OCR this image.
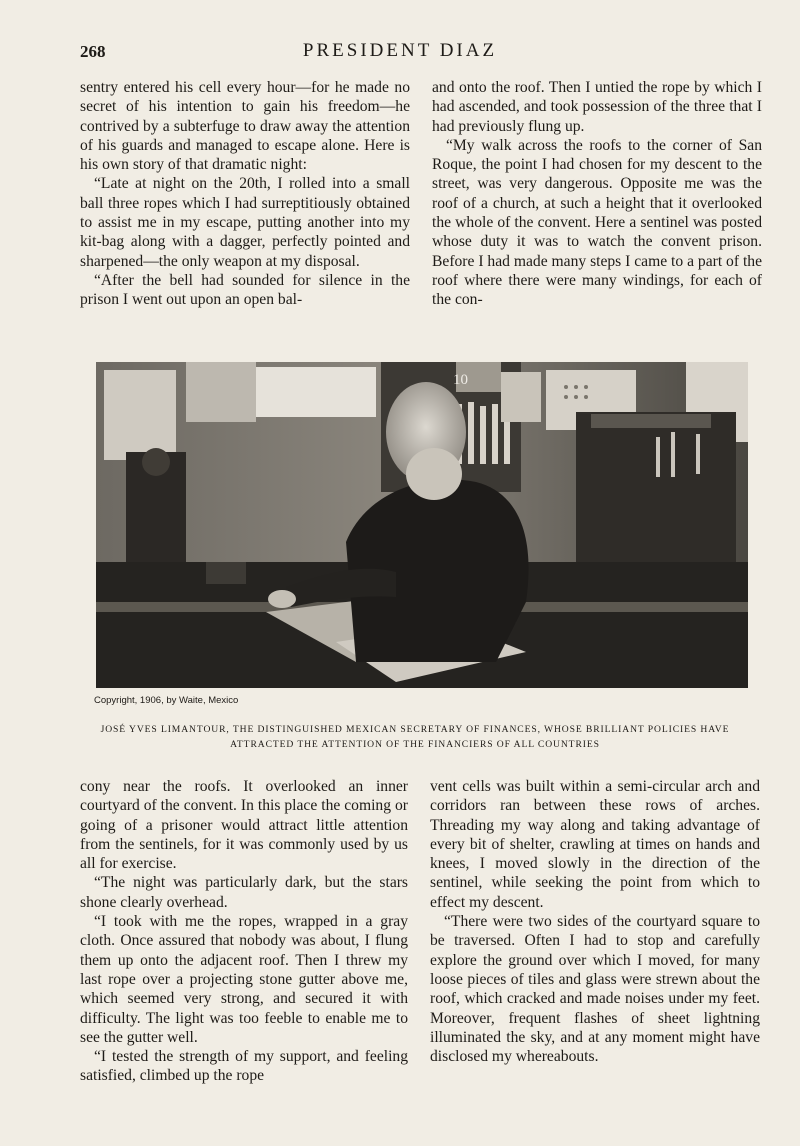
268	PRESIDENT DIAZ

sentry entered his cell every hour—for he made no secret of his intention to gain his freedom—he contrived by a subterfuge to draw away the attention of his guards and managed to escape alone. Here is his own story of that dramatic night:

“Late at night on the 20th, I rolled into a small ball three ropes which I had surreptitiously obtained to assist me in my escape, putting another into my kit-bag along with a dagger, perfectly pointed and sharpened—the only weapon at my disposal.

“After the bell had sounded for silence in the prison I went out upon an open bal-

and onto the roof. Then I untied the rope by which I had ascended, and took possession of the three that I had previously flung up.

“My walk across the roofs to the corner of San Roque, the point I had chosen for my descent to the street, was very dangerous. Opposite me was the roof of a church, at such a height that it overlooked the whole of the convent. Here a sentinel was posted whose duty it was to watch the convent prison. Before I had made many steps I came to a part of the roof where there were many windings, for each of the con-

10
Copyright, 1906, by Waite, Mexico
JOSÉ YVES LIMANTOUR, THE DISTINGUISHED MEXICAN SECRETARY OF FINANCES, WHOSE BRILLIANT POLICIES HAVE
ATTRACTED THE ATTENTION OF THE FINANCIERS OF ALL COUNTRIES

cony near the roofs. It overlooked an inner courtyard of the convent. In this place the coming or going of a prisoner would attract little attention from the sentinels, for it was commonly used by us all for exercise.

“The night was particularly dark, but the stars shone clearly overhead.

“I took with me the ropes, wrapped in a gray cloth. Once assured that nobody was about, I flung them up onto the adjacent roof. Then I threw my last rope over a projecting stone gutter above me, which seemed very strong, and secured it with difficulty. The light was too feeble to enable me to see the gutter well.

“I tested the strength of my support, and feeling satisfied, climbed up the rope

vent cells was built within a semi-circular arch and corridors ran between these rows of arches. Threading my way along and taking advantage of every bit of shelter, crawling at times on hands and knees, I moved slowly in the direction of the sentinel, while seeking the point from which to effect my descent.

“There were two sides of the courtyard square to be traversed. Often I had to stop and carefully explore the ground over which I moved, for many loose pieces of tiles and glass were strewn about the roof, which cracked and made noises under my feet. Moreover, frequent flashes of sheet lightning illuminated the sky, and at any moment might have disclosed my whereabouts.
